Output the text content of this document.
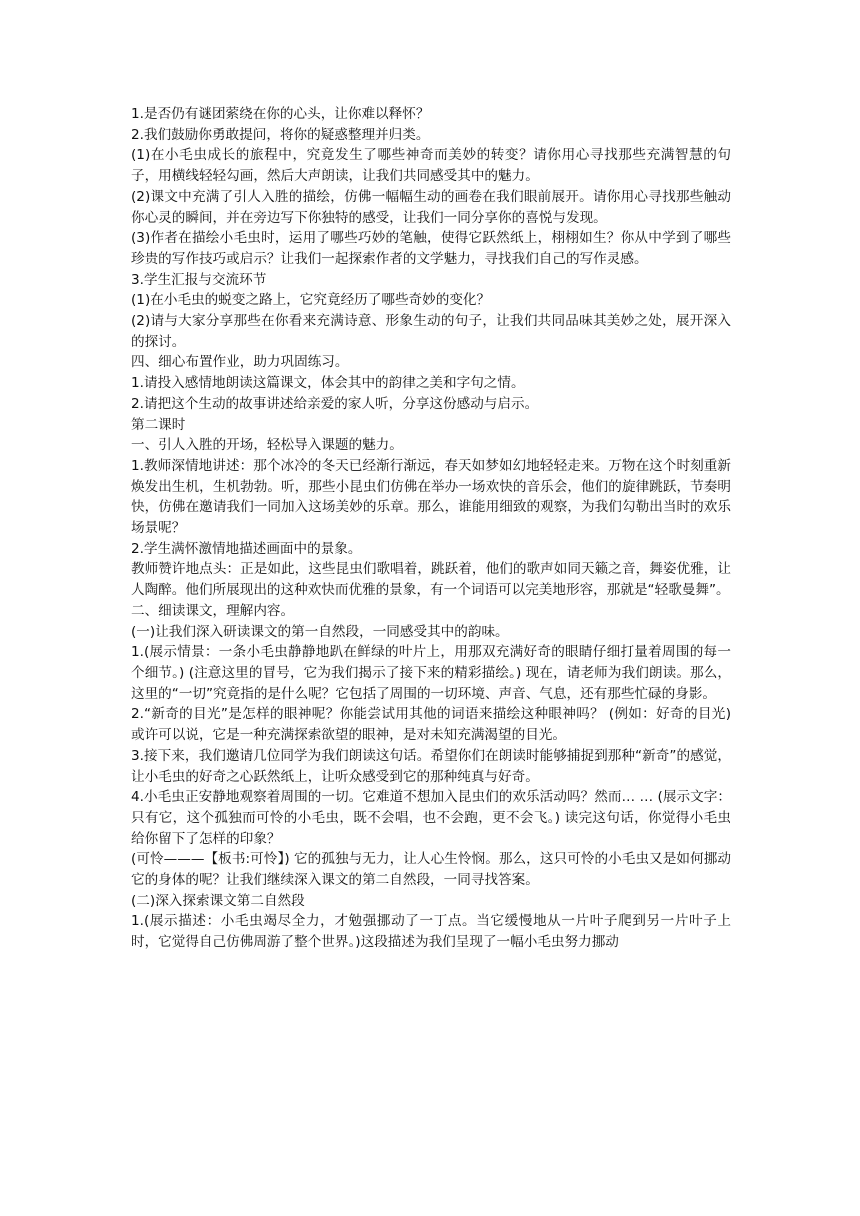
1.是否仍有谜团萦绕在你的心头，让你难以释怀？

2.我们鼓励你勇敢提问，将你的疑惑整理并归类。

(1)在小毛虫成长的旅程中，究竟发生了哪些神奇而美妙的转变？请你用心寻找那些充满智慧的句子，用横线轻轻勾画，然后大声朗读，让我们共同感受其中的魅力。

(2)课文中充满了引人入胜的描绘，仿佛一幅幅生动的画卷在我们眼前展开。请你用心寻找那些触动你心灵的瞬间，并在旁边写下你独特的感受，让我们一同分享你的喜悦与发现。

(3)作者在描绘小毛虫时，运用了哪些巧妙的笔触，使得它跃然纸上，栩栩如生？你从中学到了哪些珍贵的写作技巧或启示？让我们一起探索作者的文学魅力，寻找我们自己的写作灵感。

3.学生汇报与交流环节

(1)在小毛虫的蜕变之路上，它究竟经历了哪些奇妙的变化？

(2)请与大家分享那些在你看来充满诗意、形象生动的句子，让我们共同品味其美妙之处，展开深入的探讨。

四、细心布置作业，助力巩固练习。

1.请投入感情地朗读这篇课文，体会其中的韵律之美和字句之情。

2.请把这个生动的故事讲述给亲爱的家人听，分享这份感动与启示。

第二课时

一、引人入胜的开场，轻松导入课题的魅力。

1.教师深情地讲述：那个冰冷的冬天已经渐行渐远，春天如梦如幻地轻轻走来。万物在这个时刻重新焕发出生机，生机勃勃。听，那些小昆虫们仿佛在举办一场欢快的音乐会，他们的旋律跳跃，节奏明快，仿佛在邀请我们一同加入这场美妙的乐章。那么，谁能用细致的观察，为我们勾勒出当时的欢乐场景呢？

2.学生满怀激情地描述画面中的景象。

教师赞许地点头：正是如此，这些昆虫们歌唱着，跳跃着，他们的歌声如同天籁之音，舞姿优雅，让人陶醉。他们所展现出的这种欢快而优雅的景象，有一个词语可以完美地形容，那就是“轻歌曼舞”。

二、细读课文，理解内容。

(一)让我们深入研读课文的第一自然段，一同感受其中的韵味。

1.(展示情景：一条小毛虫静静地趴在鲜绿的叶片上，用那双充满好奇的眼睛仔细打量着周围的每一个细节。) (注意这里的冒号，它为我们揭示了接下来的精彩描绘。) 现在，请老师为我们朗读。那么，这里的“一切”究竟指的是什么呢？它包括了周围的一切环境、声音、气息，还有那些忙碌的身影。

2.“新奇的目光”是怎样的眼神呢？你能尝试用其他的词语来描绘这种眼神吗？ (例如：好奇的目光) 或许可以说，它是一种充满探索欲望的眼神，是对未知充满渴望的目光。

3.接下来，我们邀请几位同学为我们朗读这句话。希望你们在朗读时能够捕捉到那种“新奇”的感觉，让小毛虫的好奇之心跃然纸上，让听众感受到它的那种纯真与好奇。

4.小毛虫正安静地观察着周围的一切。它难道不想加入昆虫们的欢乐活动吗？然而… … (展示文字：只有它，这个孤独而可怜的小毛虫，既不会唱，也不会跑，更不会飞。) 读完这句话，你觉得小毛虫给你留下了怎样的印象？

(可怜———【板书:可怜】) 它的孤独与无力，让人心生怜悯。那么，这只可怜的小毛虫又是如何挪动它的身体的呢？让我们继续深入课文的第二自然段，一同寻找答案。

(二)深入探索课文第二自然段

1.(展示描述：小毛虫竭尽全力，才勉强挪动了一丁点。当它缓慢地从一片叶子爬到另一片叶子上时，它觉得自己仿佛周游了整个世界。)这段描述为我们呈现了一幅小毛虫努力挪动
